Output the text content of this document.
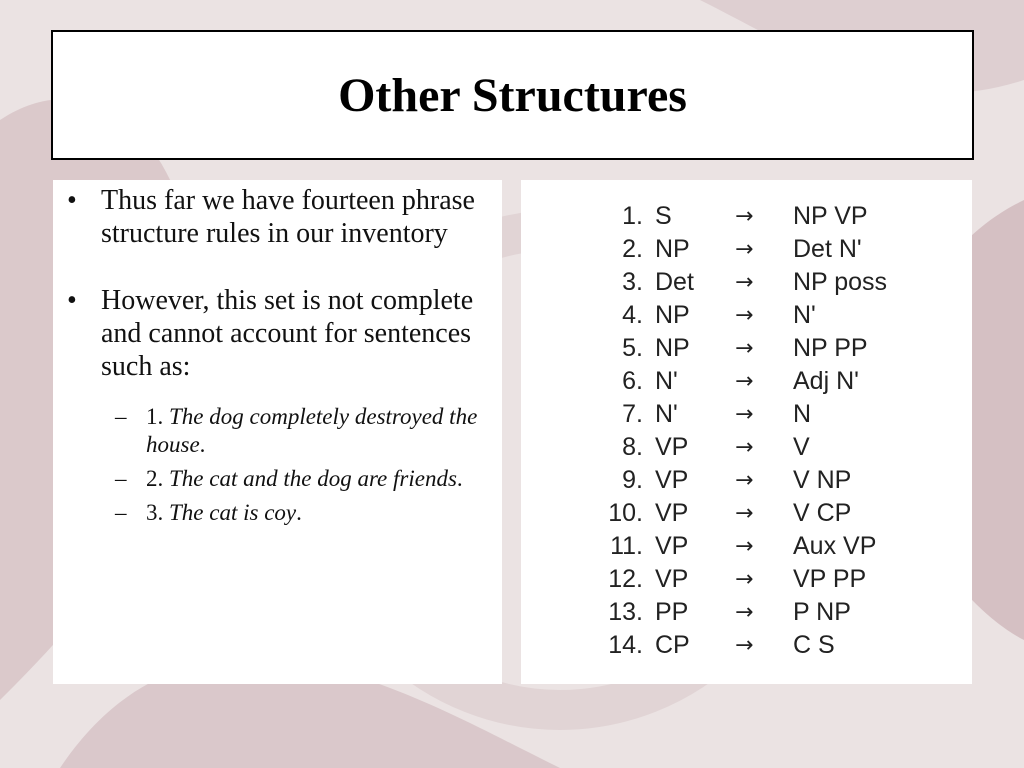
Other Structures
• Thus far we have fourteen phrase structure rules in our inventory
• However, this set is not complete and cannot account for sentences such as:
– 1. The dog completely destroyed the house.
– 2. The cat and the dog are friends.
– 3. The cat is coy.
1. S	→ NP VP
2. NP → Det N'
3. Det → NP poss
4. NP → N'
5. NP → NP PP
6. N'	→ Adj N'
7. N'	→ N
8. VP → V
9. VP → V NP
10. VP → V CP
11. VP → Aux VP
12. VP → VP PP
13. PP → P NP
14. CP → C S
